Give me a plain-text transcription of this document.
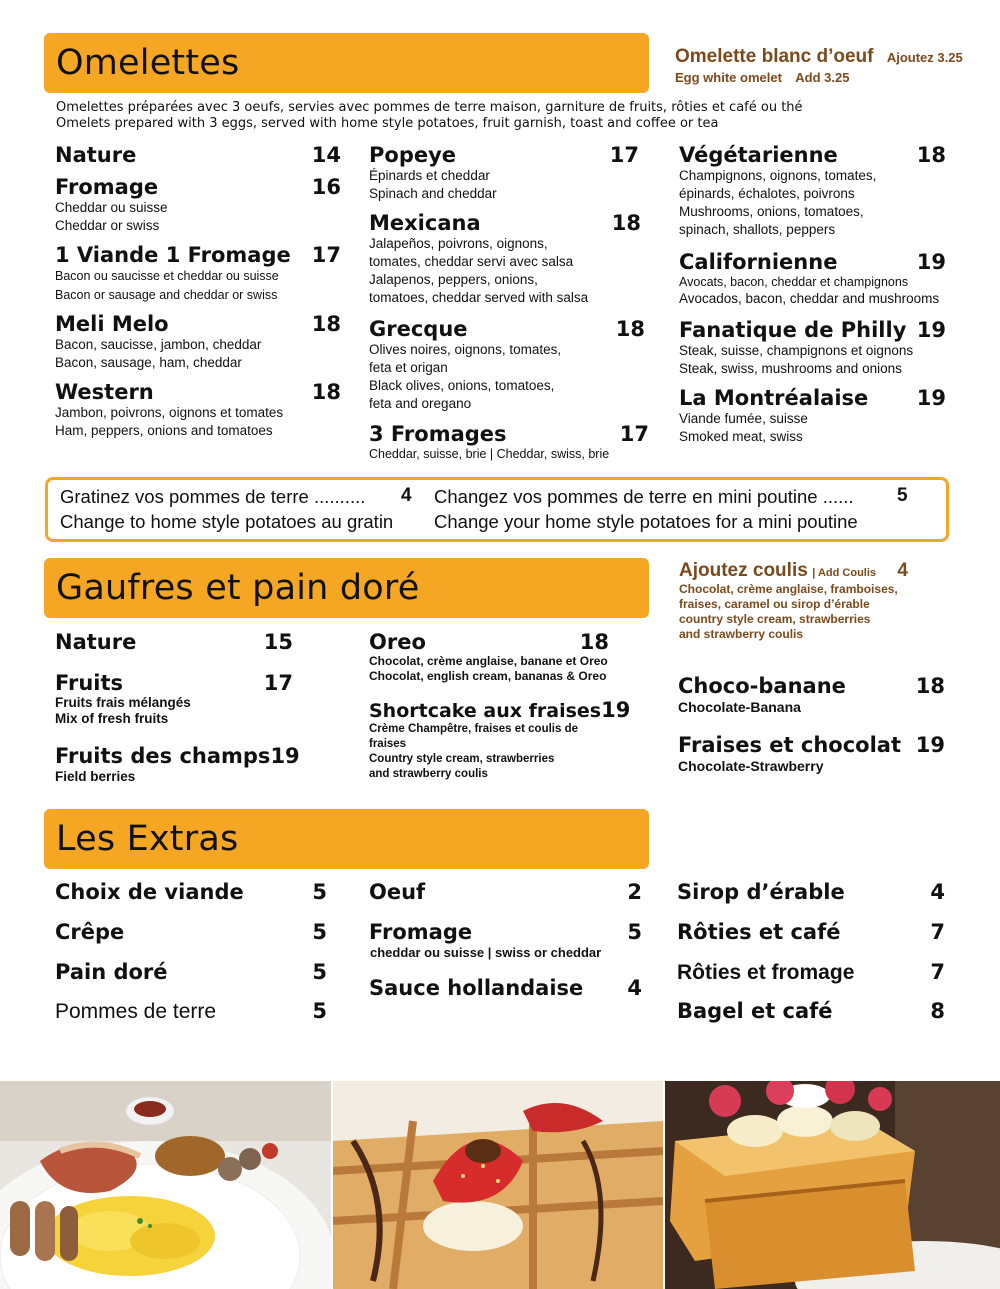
Omelettes	Omelette blanc d’oeuf Ajoutez 3.25
Egg white omelet Add 3.25
Omelettes préparées avec 3 oeufs, servies avec pommes de terre maison, garniture de fruits, rôties et café ou thé
Omelets prepared with 3 eggs, served with home style potatoes, fruit garnish, toast and coffee or tea
Nature	14
Fromage	16
Cheddar ou suisse
Cheddar or swiss
1 Viande 1 Fromage 17
Bacon ou saucisse et cheddar ou suisse
Bacon or sausage and cheddar or swiss
Meli Melo	18
Bacon, saucisse, jambon, cheddar
Bacon, sausage, ham, cheddar
Western	18
Jambon, poivrons, oignons et tomates
Ham, peppers, onions and tomatoes
Popeye	17
Épinards et cheddar
Spinach and cheddar
Mexicana	18
Jalapeños, poivrons, oignons,
tomates, cheddar servi avec salsa
Jalapenos, peppers, onions,
tomatoes, cheddar served with salsa
Grecque	18
Olives noires, oignons, tomates,
feta et origan
Black olives, onions, tomatoes,
feta and oregano
3 Fromages	17
Cheddar, suisse, brie | Cheddar, swiss, brie
Végétarienne	18
Champignons, oignons, tomates,
épinards, échalotes, poivrons
Mushrooms, onions, tomatoes,
spinach, shallots, peppers
Californienne	19
Avocats, bacon, cheddar et champignons
Avocados, bacon, cheddar and mushrooms
Fanatique de Philly 19
Steak, suisse, champignons et oignons
Steak, swiss, mushrooms and onions
La Montréalaise 19
Viande fumée, suisse
Smoked meat, swiss
Gratinez vos pommes de terre .......... 4
Change to home style potatoes au gratin
Changez vos pommes de terre en mini poutine ...... 5
Change your home style potatoes for a mini poutine
Gaufres et pain doré	Ajoutez coulis | Add Coulis 4
Chocolat, crème anglaise, framboises,
fraises, caramel ou sirop d’érable
country style cream, strawberries
and strawberry coulis
Nature	15
Fruits	17
Fruits frais mélangés
Mix of fresh fruits
Fruits des champs 19
Field berries
Oreo	18
Chocolat, crème anglaise, banane et Oreo
Chocolat, english cream, bananas & Oreo
Shortcake aux fraises 19
Crème Champêtre, fraises et coulis de fraises
Country style cream, strawberries
and strawberry coulis
Choco-banane	18
Chocolate-Banana
Fraises et chocolat 19
Chocolate-Strawberry
Les Extras
Choix de viande	5
Crêpe	5
Pain doré	5
Pommes de terre	5
Oeuf	2
Fromage	5
cheddar ou suisse | swiss or cheddar
Sauce hollandaise 4
Sirop d’érable	4
Rôties et café	7
Rôties et fromage	7
Bagel et café	8
